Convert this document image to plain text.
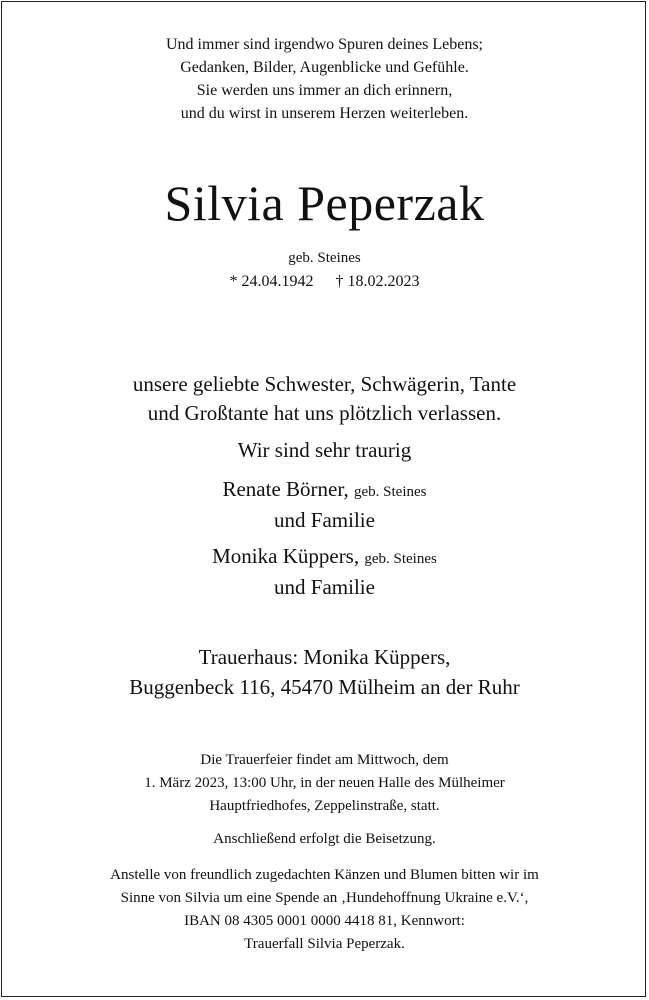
Und immer sind irgendwo Spuren deines Lebens;
Gedanken, Bilder, Augenblicke und Gefühle.
Sie werden uns immer an dich erinnern,
und du wirst in unserem Herzen weiterleben.
Silvia Peperzak
geb. Steines
* 24.04.1942 † 18.02.2023
unsere geliebte Schwester, Schwägerin, Tante
und Großtante hat uns plötzlich verlassen.
Wir sind sehr traurig
Renate Börner, geb. Steines
und Familie
Monika Küppers, geb. Steines
und Familie
Trauerhaus: Monika Küppers,
Buggenbeck 116, 45470 Mülheim an der Ruhr
Die Trauerfeier findet am Mittwoch, dem
1. März 2023, 13:00 Uhr, in der neuen Halle des Mülheimer
Hauptfriedhofes, Zeppelinstraße, statt.
Anschließend erfolgt die Beisetzung.
Anstelle von freundlich zugedachten Känzen und Blumen bitten wir im
Sinne von Silvia um eine Spende an ‚Hundehoffnung Ukraine e.V.‘,
IBAN 08 4305 0001 0000 4418 81, Kennwort:
Trauerfall Silvia Peperzak.
